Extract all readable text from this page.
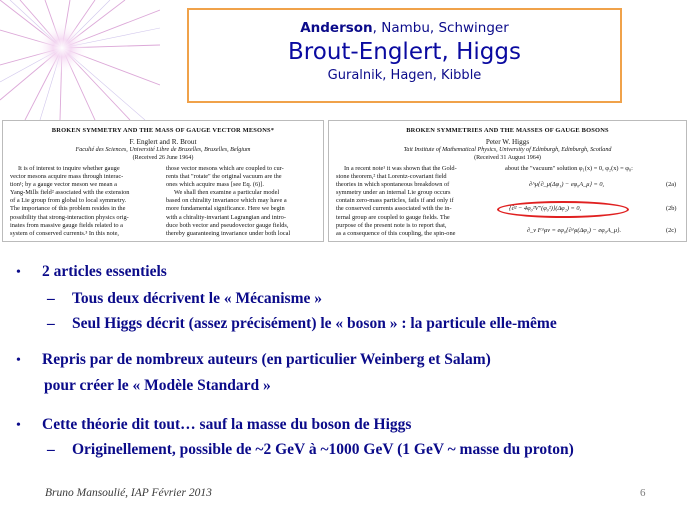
Anderson, Nambu, Schwinger
Brout-Englert, Higgs
Guralnik, Hagen, Kibble
BROKEN SYMMETRY AND THE MASS OF GAUGE VECTOR MESONS*
F. Englert and R. Brout
Faculté des Sciences, Université Libre de Bruxelles, Bruxelles, Belgium
(Received 26 June 1964)
It is of interest to inquire whether gauge
vector mesons acquire mass through interac-
tion¹; by a gauge vector meson we mean a
Yang-Mills field² associated with the extension
of a Lie group from global to local symmetry.
The importance of this problem resides in the
possibility that strong-interaction physics orig-
inates from massive gauge fields related to a
system of conserved currents.³ In this note,
those vector mesons which are coupled to cur-
rents that "rotate" the original vacuum are the
ones which acquire mass [see Eq. (6)].
We shall then examine a particular model
based on chirality invariance which may have a
more fundamental significance. Here we begin
with a chirality-invariant Lagrangian and intro-
duce both vector and pseudovector gauge fields,
thereby guaranteeing invariance under both local
BROKEN SYMMETRIES AND THE MASSES OF GAUGE BOSONS
Peter W. Higgs
Tait Institute of Mathematical Physics, University of Edinburgh, Edinburgh, Scotland
(Received 31 August 1964)
In a recent note¹ it was shown that the Gold-
stone theorem,² that Lorentz-covariant field
theories in which spontaneous breakdown of
symmetry under an internal Lie group occurs
contain zero-mass particles, fails if and only if
the conserved currents associated with the in-
ternal group are coupled to gauge fields. The
purpose of the present note is to report that,
as a consequence of this coupling, the spin-one
about the "vacuum" solution φ₁(x) = 0, φ₂(x) = φ₀:
∂^μ{∂_μ(Δφ₁) − eφ₀A_μ} = 0,	(2a)
{∂² − 4φ₀²V″(φ₀²)}(Δφ₂) = 0,	(2b)
∂_ν F^μν = eφ₀{∂^μ(Δφ₁) − eφ₀A_μ}.	(2c)
• 2 articles essentiels
– Tous deux décrivent le « Mécanisme »
– Seul Higgs décrit (assez précisément) le « boson » : la particule elle-même
• Repris par de nombreux auteurs (en particulier Weinberg et Salam)
pour créer le « Modèle Standard »
• Cette théorie dit tout… sauf la masse du boson de Higgs
– Originellement, possible de ~2 GeV à ~1000 GeV (1 GeV ~ masse du proton)
Bruno Mansoulié, IAP Février 2013	6
